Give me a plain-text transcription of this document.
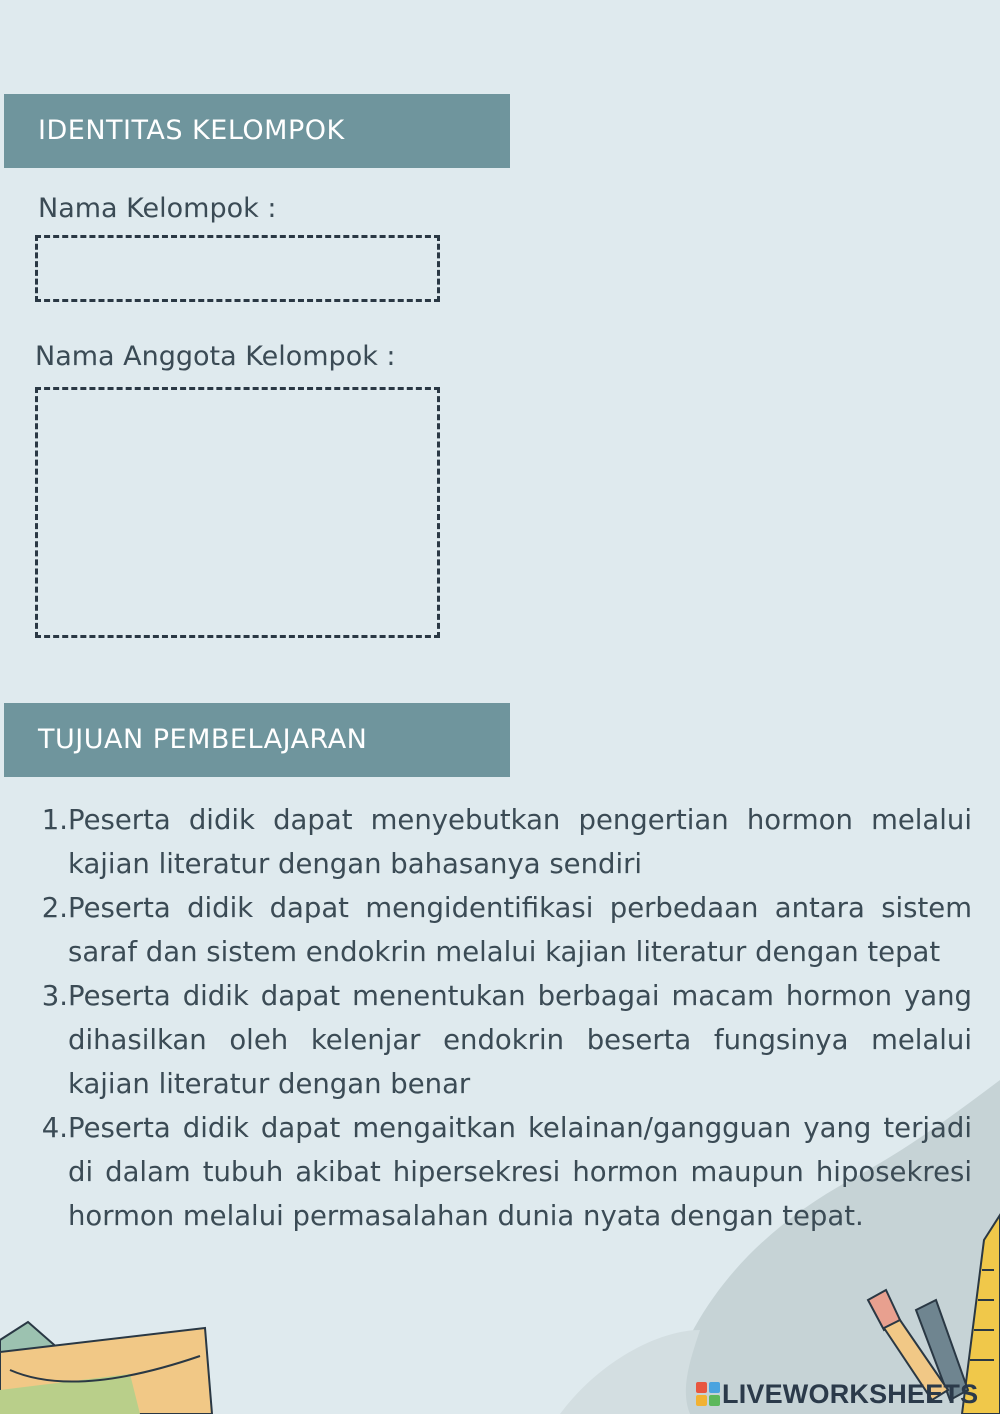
IDENTITAS KELOMPOK
Nama Kelompok :
Nama Anggota Kelompok :
TUJUAN PEMBELAJARAN
1. Peserta didik dapat menyebutkan pengertian hormon melalui kajian literatur dengan bahasanya sendiri
2. Peserta didik dapat mengidentifikasi perbedaan antara sistem saraf dan sistem endokrin melalui kajian literatur dengan tepat
3. Peserta didik dapat menentukan berbagai macam hormon yang dihasilkan oleh kelenjar endokrin beserta fungsinya melalui kajian literatur dengan benar
4. Peserta didik dapat mengaitkan kelainan/gangguan yang terjadi di dalam tubuh akibat hipersekresi hormon maupun hiposekresi hormon melalui permasalahan dunia nyata dengan tepat.
LIVEWORKSHEETS
